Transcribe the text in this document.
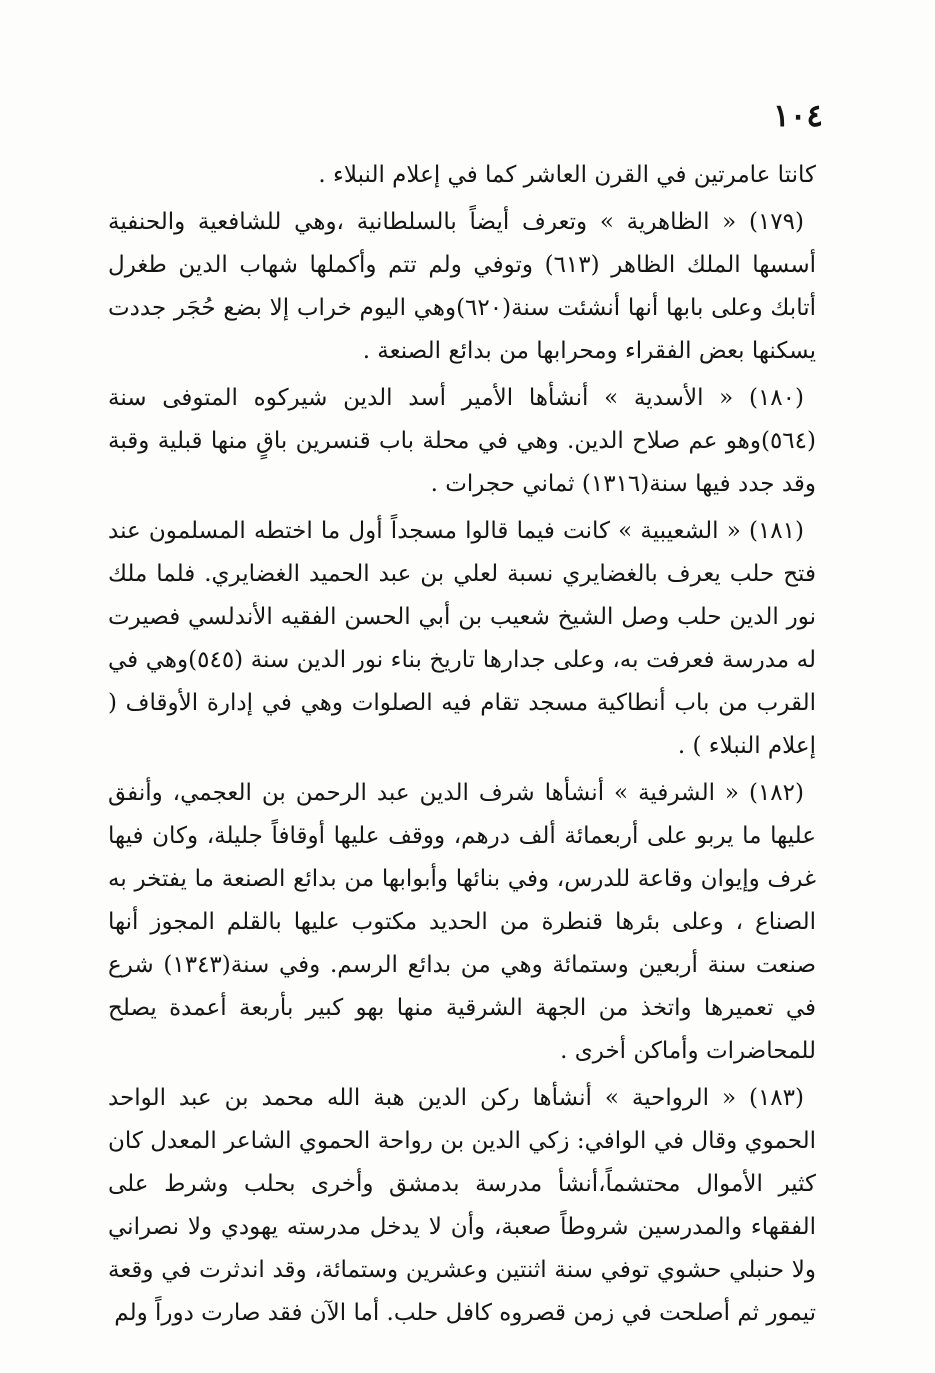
١٠٤

كانتا عامرتين في القرن العاشر كما في إعلام النبلاء .

(١٧٩) « الظاهرية » وتعرف أيضاً بالسلطانية ،وهي للشافعية والحنفية أسسها الملك الظاهر (٦١٣) وتوفي ولم تتم وأكملها شهاب الدين طغرل أتابك وعلى بابها أنها أنشئت سنة(٦٢٠)وهي اليوم خراب إلا بضع حُجَر جددت يسكنها بعض الفقراء ومحرابها من بدائع الصنعة .

(١٨٠) « الأسدية » أنشأها الأمير أسد الدين شيركوه المتوفى سنة (٥٦٤)وهو عم صلاح الدين. وهي في محلة باب قنسرين باقٍ منها قبلية وقبة وقد جدد فيها سنة(١٣١٦) ثماني حجرات .

(١٨١) « الشعيبية » كانت فيما قالوا مسجداً أول ما اختطه المسلمون عند فتح حلب يعرف بالغضايري نسبة لعلي بن عبد الحميد الغضايري. فلما ملك نور الدين حلب وصل الشيخ شعيب بن أبي الحسن الفقيه الأندلسي فصيرت له مدرسة فعرفت به، وعلى جدارها تاريخ بناء نور الدين سنة (٥٤٥)وهي في القرب من باب أنطاكية مسجد تقام فيه الصلوات وهي في إدارة الأوقاف ( إعلام النبلاء ) .

(١٨٢) « الشرفية » أنشأها شرف الدين عبد الرحمن بن العجمي، وأنفق عليها ما يربو على أربعمائة ألف درهم، ووقف عليها أوقافاً جليلة، وكان فيها غرف وإيوان وقاعة للدرس، وفي بنائها وأبوابها من بدائع الصنعة ما يفتخر به الصناع ، وعلى بئرها قنطرة من الحديد مكتوب عليها بالقلم المجوز أنها صنعت سنة أربعين وستمائة وهي من بدائع الرسم. وفي سنة(١٣٤٣) شرع في تعميرها واتخذ من الجهة الشرقية منها بهو كبير بأربعة أعمدة يصلح للمحاضرات وأماكن أخرى .

(١٨٣) « الرواحية » أنشأها ركن الدين هبة الله محمد بن عبد الواحد الحموي وقال في الوافي: زكي الدين بن رواحة الحموي الشاعر المعدل كان كثير الأموال محتشماً،أنشأ مدرسة بدمشق وأخرى بحلب وشرط على الفقهاء والمدرسين شروطاً صعبة، وأن لا يدخل مدرسته يهودي ولا نصراني ولا حنبلي حشوي توفي سنة اثنتين وعشرين وستمائة، وقد اندثرت في وقعة تيمور ثم أصلحت في زمن قصروه كافل حلب. أما الآن فقد صارت دوراً ولم
